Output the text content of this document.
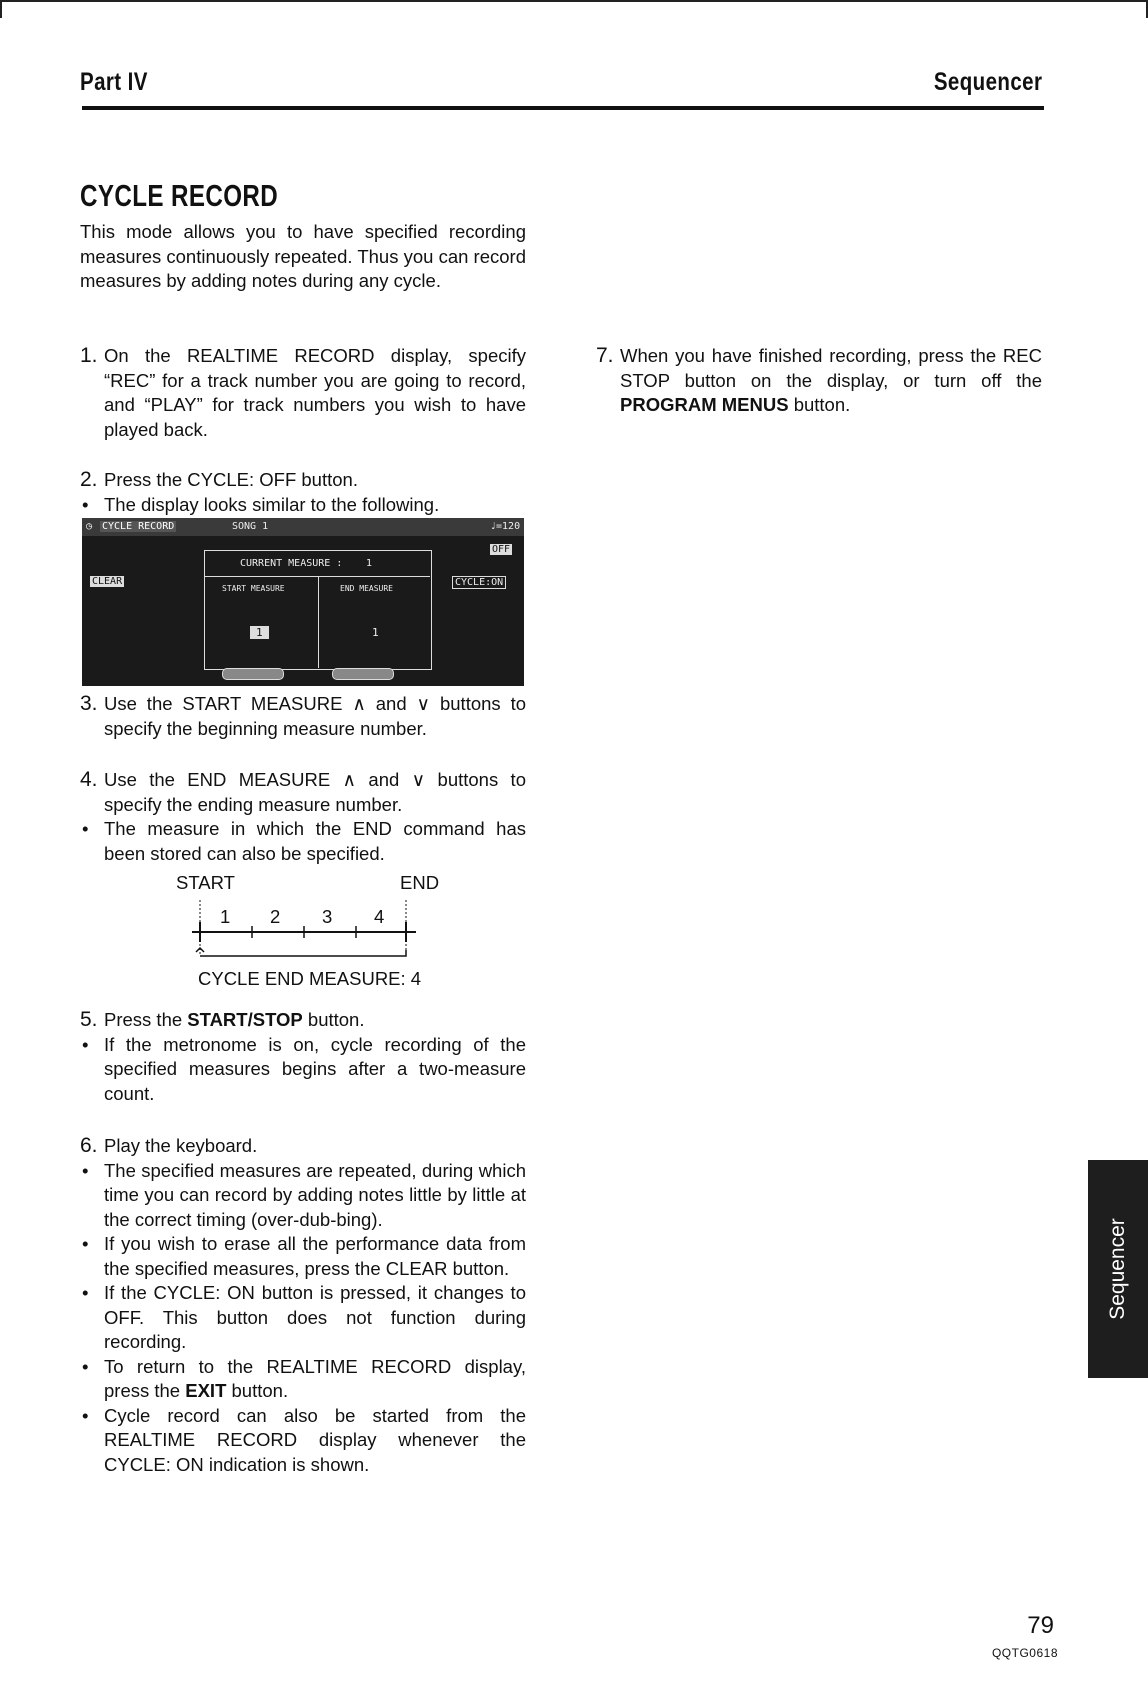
Part IV	Sequencer
CYCLE RECORD

This mode allows you to have specified recording measures continuously repeated. Thus you can record measures by adding notes during any cycle.

1. On the REALTIME RECORD display, specify “REC” for a track number you are going to record, and “PLAY” for track numbers you wish to have played back.

2. Press the CYCLE: OFF button.

• The display looks similar to the following.

◷ CYCLE RECORD	SONG 1	♩=120
OFF
CLEAR	CYCLE:ON
CURRENT MEASURE : 1
START MEASURE	END MEASURE
1	1

3. Use the START MEASURE ∧ and ∨ buttons to specify the beginning measure number.

4. Use the END MEASURE ∧ and ∨ buttons to specify the ending measure number.

• The measure in which the END command has been stored can also be specified.

START	END
1 2 3 4
CYCLE END MEASURE: 4

5. Press the START/STOP button.

• If the metronome is on, cycle recording of the specified measures begins after a two-measure count.

6. Play the keyboard.

• The specified measures are repeated, during which time you can record by adding notes little by little at the correct timing (over-dub-bing).

• If you wish to erase all the performance data from the specified measures, press the CLEAR button.

• If the CYCLE: ON button is pressed, it changes to OFF. This button does not function during recording.

• To return to the REALTIME RECORD display, press the EXIT button.

• Cycle record can also be started from the REALTIME RECORD display whenever the CYCLE: ON indication is shown.

7. When you have finished recording, press the REC STOP button on the display, or turn off the PROGRAM MENUS button.

Sequencer
79
QQTG0618
